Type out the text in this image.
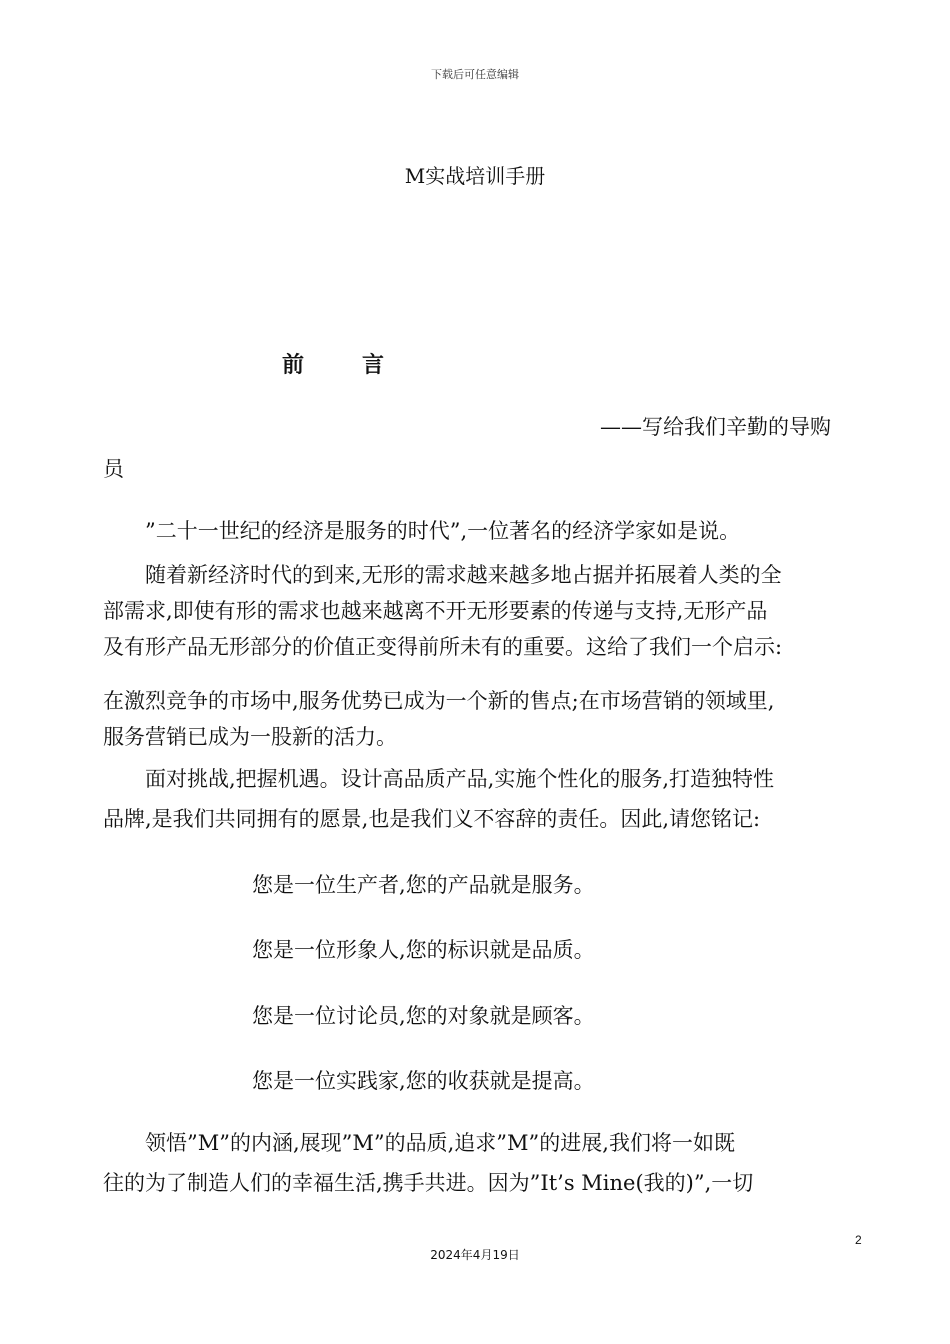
下载后可任意编辑
M实战培训手册
前言
——写给我们辛勤的导购
员
”二十一世纪的经济是服务的时代”,一位著名的经济学家如是说。
随着新经济时代的到来,无形的需求越来越多地占据并拓展着人类的全
部需求,即使有形的需求也越来越离不开无形要素的传递与支持,无形产品
及有形产品无形部分的价值正变得前所未有的重要。这给了我们一个启示:
在激烈竞争的市场中,服务优势已成为一个新的售点;在市场营销的领域里,
服务营销已成为一股新的活力。
面对挑战,把握机遇。设计高品质产品,实施个性化的服务,打造独特性
品牌,是我们共同拥有的愿景,也是我们义不容辞的责任。因此,请您铭记:
您是一位生产者,您的产品就是服务。
您是一位形象人,您的标识就是品质。
您是一位讨论员,您的对象就是顾客。
您是一位实践家,您的收获就是提高。
领悟”M”的内涵,展现”M”的品质,追求”M”的进展,我们将一如既
往的为了制造人们的幸福生活,携手共进。因为”It’s Mine(我的)”,一切
2
2024年4月19日
